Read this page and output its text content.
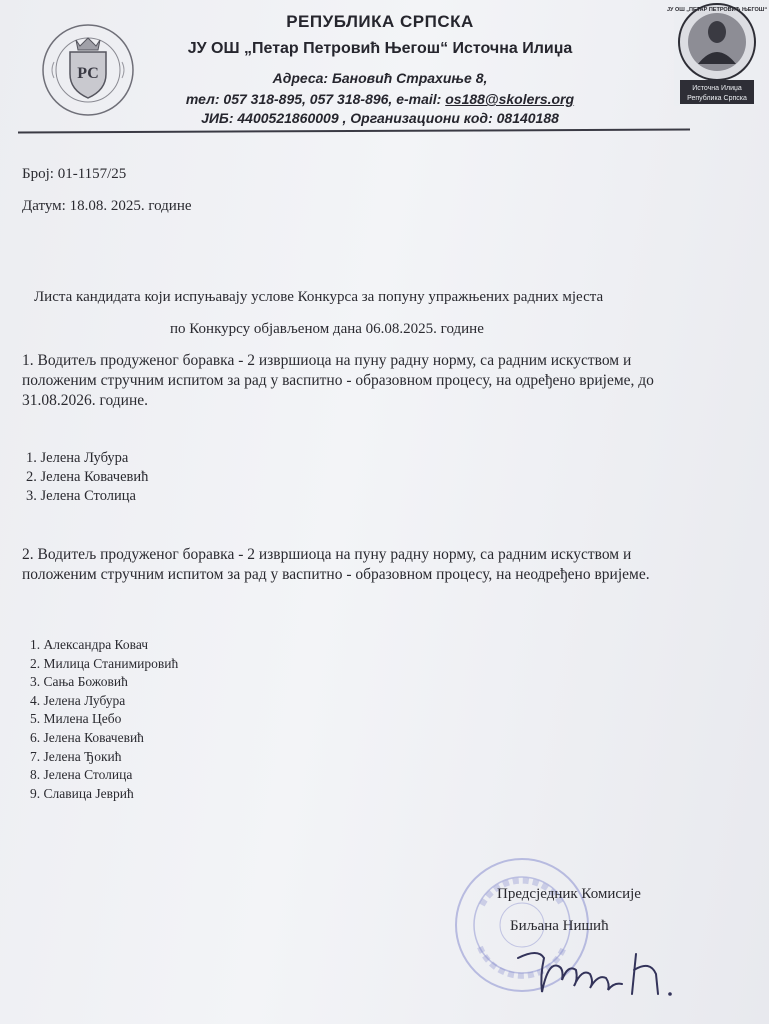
РС
РЕПУБЛИКА СРПСКА
ЈУ ОШ „Петар Петровић Његош“ Источна Илиџа
Адреса: Бановић Страхиње 8,
тел: 057 318-895, 057 318-896, e-mail: os188@skolers.org
ЈИБ: 4400521860009 , Организациони код: 08140188
ЈУ ОШ „ПЕТАР ПЕТРОВИЋ ЊЕГОШ“
Источна Илиџа
Република Српска
Број: 01-1157/25
Датум: 18.08. 2025. године
Листа кандидата који испуњавају услове Конкурса за попуну упражњених радних мјеста
по Конкурсу објављеном дана 06.08.2025. године
1. Водитељ продуженог боравка - 2 извршиоца на пуну радну норму, са радним искуством и положеним стручним испитом за рад у васпитно - образовном процесу, на одређено вријеме, до 31.08.2026. године.
1. Јелена Лубура
2. Јелена Ковачевић
3. Јелена Столица
2. Водитељ продуженог боравка - 2 извршиоца на пуну радну норму, са радним искуством и положеним стручним испитом за рад у васпитно - образовном процесу, на неодређено вријеме.
1. Александра Ковач
2. Милица Станимировић
3. Сања Божовић
4. Јелена Лубура
5. Милена Цебо
6. Јелена Ковачевић
7. Јелена Ђокић
8. Јелена Столица
9. Славица Јеврић
Предсједник Комисије
Биљана Нишић
